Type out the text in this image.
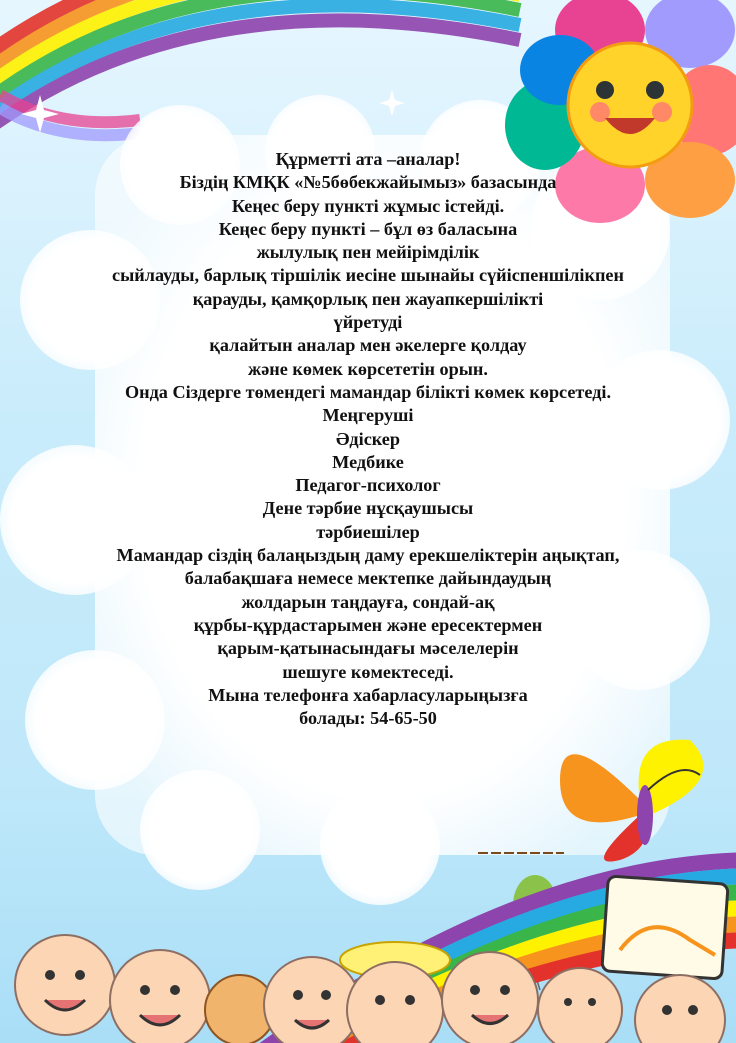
Құрметті ата –аналар!
Біздің КМҚК «№5бөбекжайымыз» базасында
Кеңес беру пункті жұмыс істейді.
Кеңес беру пункті – бұл өз баласына
жылулық пен мейірімділік
сыйлауды, барлық тіршілік иесіне шынайы сүйіспеншілікпен
қарауды, қамқорлық пен жауапкершілікті
үйретуді
қалайтын аналар мен әкелерге қолдау
және көмек көрсететін орын.
Онда Сіздерге төмендегі мамандар білікті көмек көрсетеді.
Меңгеруші
Әдіскер
Медбике
Педагог-психолог
Дене тәрбие нұсқаушысы
тәрбиешілер
Мамандар сіздің балаңыздың даму ерекшеліктерін аңықтап,
балабақшаға немесе мектепке дайындаудың
жолдарын таңдауға, сондай-ақ
құрбы-құрдастарымен және ересектермен
қарым-қатынасындағы мәселелерін
шешуге көмектеседі.
Мына телефонға хабарласуларыңызға
болады: 54-65-50
